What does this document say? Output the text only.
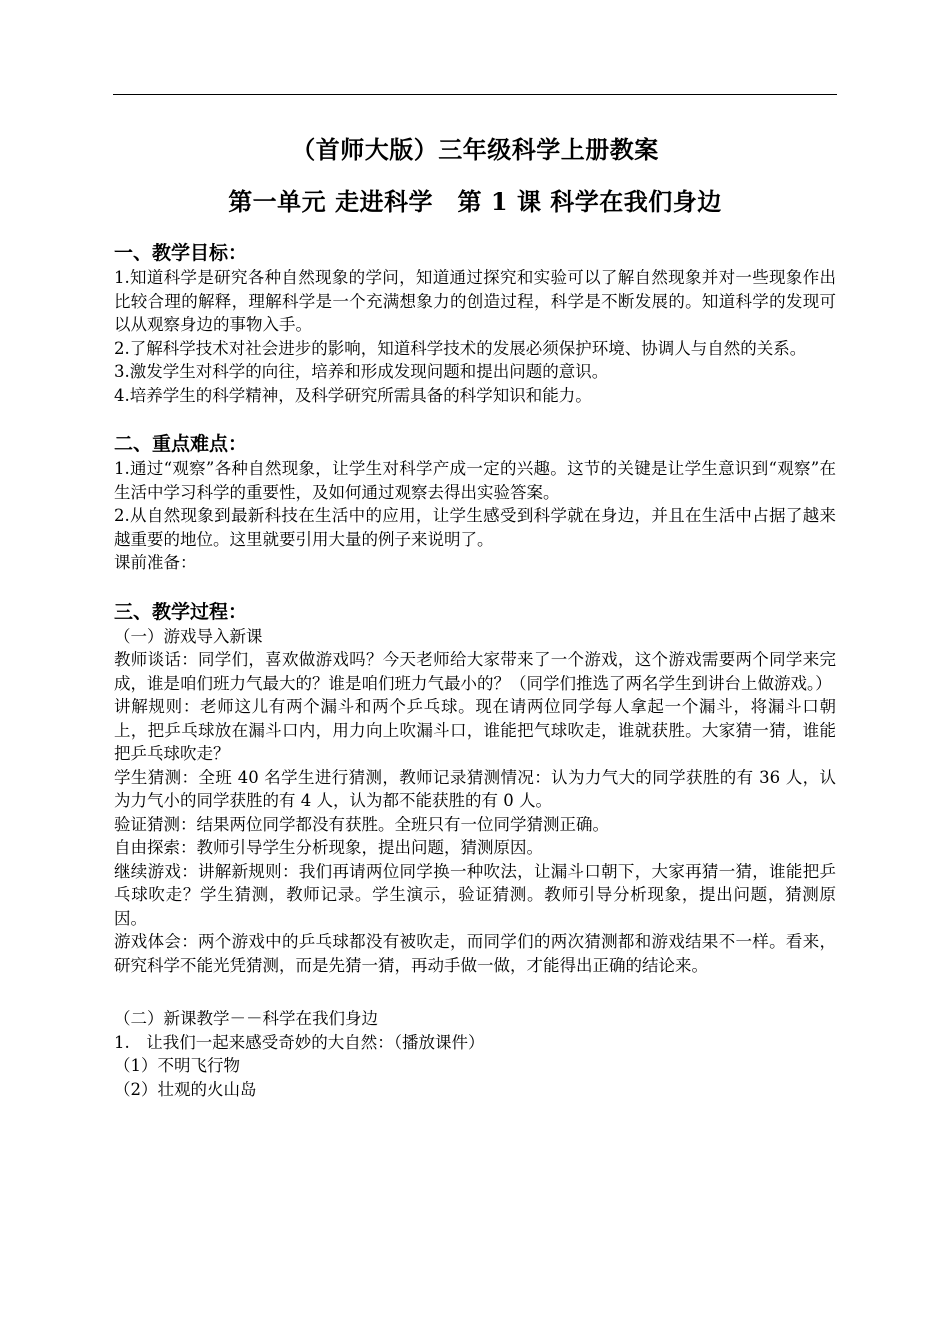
（首师大版）三年级科学上册教案

第一单元 走进科学　第 1 课 科学在我们身边

一、教学目标：

1.知道科学是研究各种自然现象的学问，知道通过探究和实验可以了解自然现象并对一些现象作出比较合理的解释，理解科学是一个充满想象力的创造过程，科学是不断发展的。知道科学的发现可以从观察身边的事物入手。

2.了解科学技术对社会进步的影响，知道科学技术的发展必须保护环境、协调人与自然的关系。

3.激发学生对科学的向往，培养和形成发现问题和提出问题的意识。

4.培养学生的科学精神，及科学研究所需具备的科学知识和能力。

二、重点难点：

1.通过“观察”各种自然现象，让学生对科学产成一定的兴趣。这节的关键是让学生意识到“观察”在生活中学习科学的重要性，及如何通过观察去得出实验答案。

2.从自然现象到最新科技在生活中的应用，让学生感受到科学就在身边，并且在生活中占据了越来越重要的地位。这里就要引用大量的例子来说明了。

课前准备：

三、教学过程：

（一）游戏导入新课

教师谈话：同学们，喜欢做游戏吗？今天老师给大家带来了一个游戏，这个游戏需要两个同学来完成，谁是咱们班力气最大的？谁是咱们班力气最小的？（同学们推选了两名学生到讲台上做游戏。）

讲解规则：老师这儿有两个漏斗和两个乒乓球。现在请两位同学每人拿起一个漏斗，将漏斗口朝上，把乒乓球放在漏斗口内，用力向上吹漏斗口，谁能把气球吹走，谁就获胜。大家猜一猜，谁能把乒乓球吹走？

学生猜测：全班 40 名学生进行猜测，教师记录猜测情况：认为力气大的同学获胜的有 36 人，认为力气小的同学获胜的有 4 人，认为都不能获胜的有 0 人。

验证猜测：结果两位同学都没有获胜。全班只有一位同学猜测正确。

自由探索：教师引导学生分析现象，提出问题，猜测原因。

继续游戏：讲解新规则：我们再请两位同学换一种吹法，让漏斗口朝下，大家再猜一猜，谁能把乒乓球吹走？学生猜测，教师记录。学生演示，验证猜测。教师引导分析现象，提出问题，猜测原因。

游戏体会：两个游戏中的乒乓球都没有被吹走，而同学们的两次猜测都和游戏结果不一样。看来，研究科学不能光凭猜测，而是先猜一猜，再动手做一做，才能得出正确的结论来。

（二）新课教学－－科学在我们身边

1.　让我们一起来感受奇妙的大自然：（播放课件）

（1）不明飞行物

（2）壮观的火山岛
